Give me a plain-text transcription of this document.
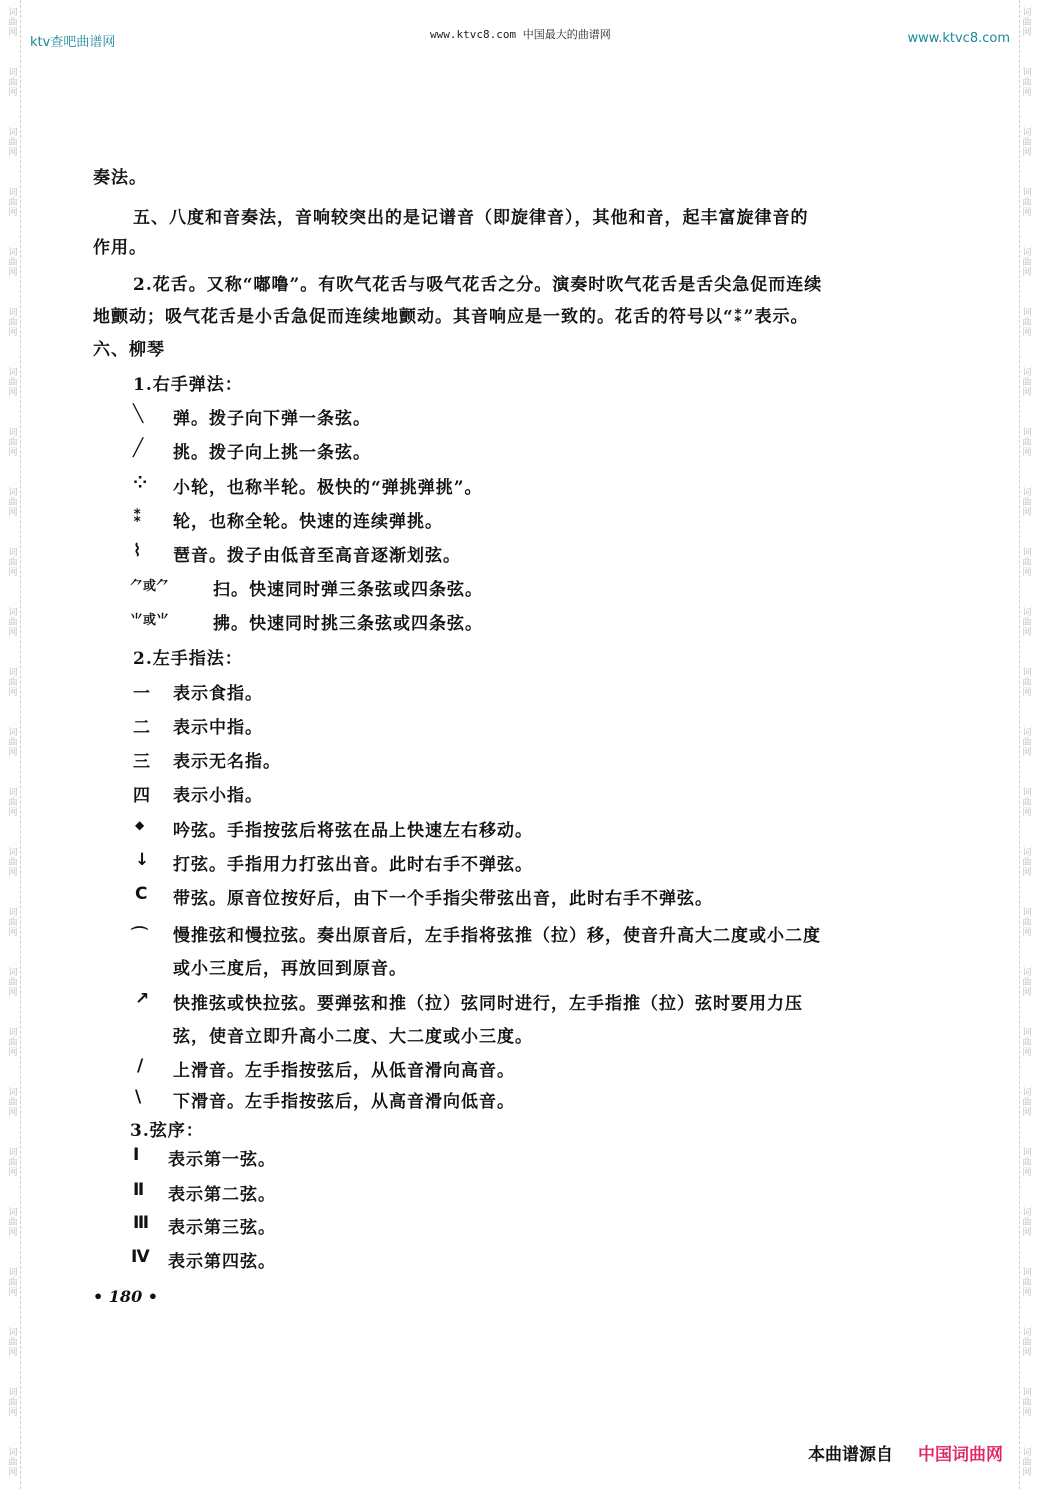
词
曲
网
词
曲
网
词
曲
网
词
曲
网
词
曲
网
词
曲
网
词
曲
网
词
曲
网
词
曲
网
词
曲
网
词
曲
网
词
曲
网
词
曲
网
词
曲
网
词
曲
网
词
曲
网
词
曲
网
词
曲
网
词
曲
网
词
曲
网
词
曲
网
词
曲
网
词
曲
网
词
曲
网
词
曲
网
词
曲
网
词
曲
网
词
曲
网
词
曲
网
词
曲
网
词
曲
网
词
曲
网
词
曲
网
词
曲
网
词
曲
网
词
曲
网
词
曲
网
词
曲
网
词
曲
网
词
曲
网
词
曲
网
词
曲
网
词
曲
网
词
曲
网
词
曲
网
词
曲
网
词
曲
网
词
曲
网
词
曲
网
词
曲
网
ktv查吧曲谱网
www.ktvc8.com 中国最大的曲谱网	www.ktvc8.com
奏法。
五、八度和音奏法，音响较突出的是记谱音（即旋律音），其他和音，起丰富旋律音的
作用。
2.花舌。又称“嘟噜”。有吹气花舌与吸气花舌之分。演奏时吹气花舌是舌尖急促而连续
地颤动；吸气花舌是小舌急促而连续地颤动。其音响应是一致的。花舌的符号以“⁑”表示。
六、柳琴
1.右手弹法：
╲ 弹。拨子向下弹一条弦。
╱ 挑。拨子向上挑一条弦。
⁘ 小轮，也称半轮。极快的“弹挑弹挑”。
⁑ 轮，也称全轮。快速的连续弹挑。
⌇ 琶音。拨子由低音至高音逐渐划弦。
⺈或⺈	扫。快速同时弹三条弦或四条弦。
⺌或⺌	拂。快速同时挑三条弦或四条弦。
2.左手指法：
一 表示食指。
二 表示中指。
三 表示无名指。
四 表示小指。
◆ 吟弦。手指按弦后将弦在品上快速左右移动。
↓ 打弦。手指用力打弦出音。此时右手不弹弦。
C 带弦。原音位按好后，由下一个手指尖带弦出音，此时右手不弹弦。
⌒ 慢推弦和慢拉弦。奏出原音后，左手指将弦推（拉）移，使音升高大二度或小二度
或小三度后，再放回到原音。
↗ 快推弦或快拉弦。要弹弦和推（拉）弦同时进行，左手指推（拉）弦时要用力压
弦，使音立即升高小二度、大二度或小三度。
/ 上滑音。左手指按弦后，从低音滑向高音。
\ 下滑音。左手指按弦后，从高音滑向低音。
3.弦序：
Ⅰ 表示第一弦。
Ⅱ 表示第二弦。
Ⅲ 表示第三弦。
Ⅳ 表示第四弦。
• 180 •
本曲谱源自 中国词曲网
